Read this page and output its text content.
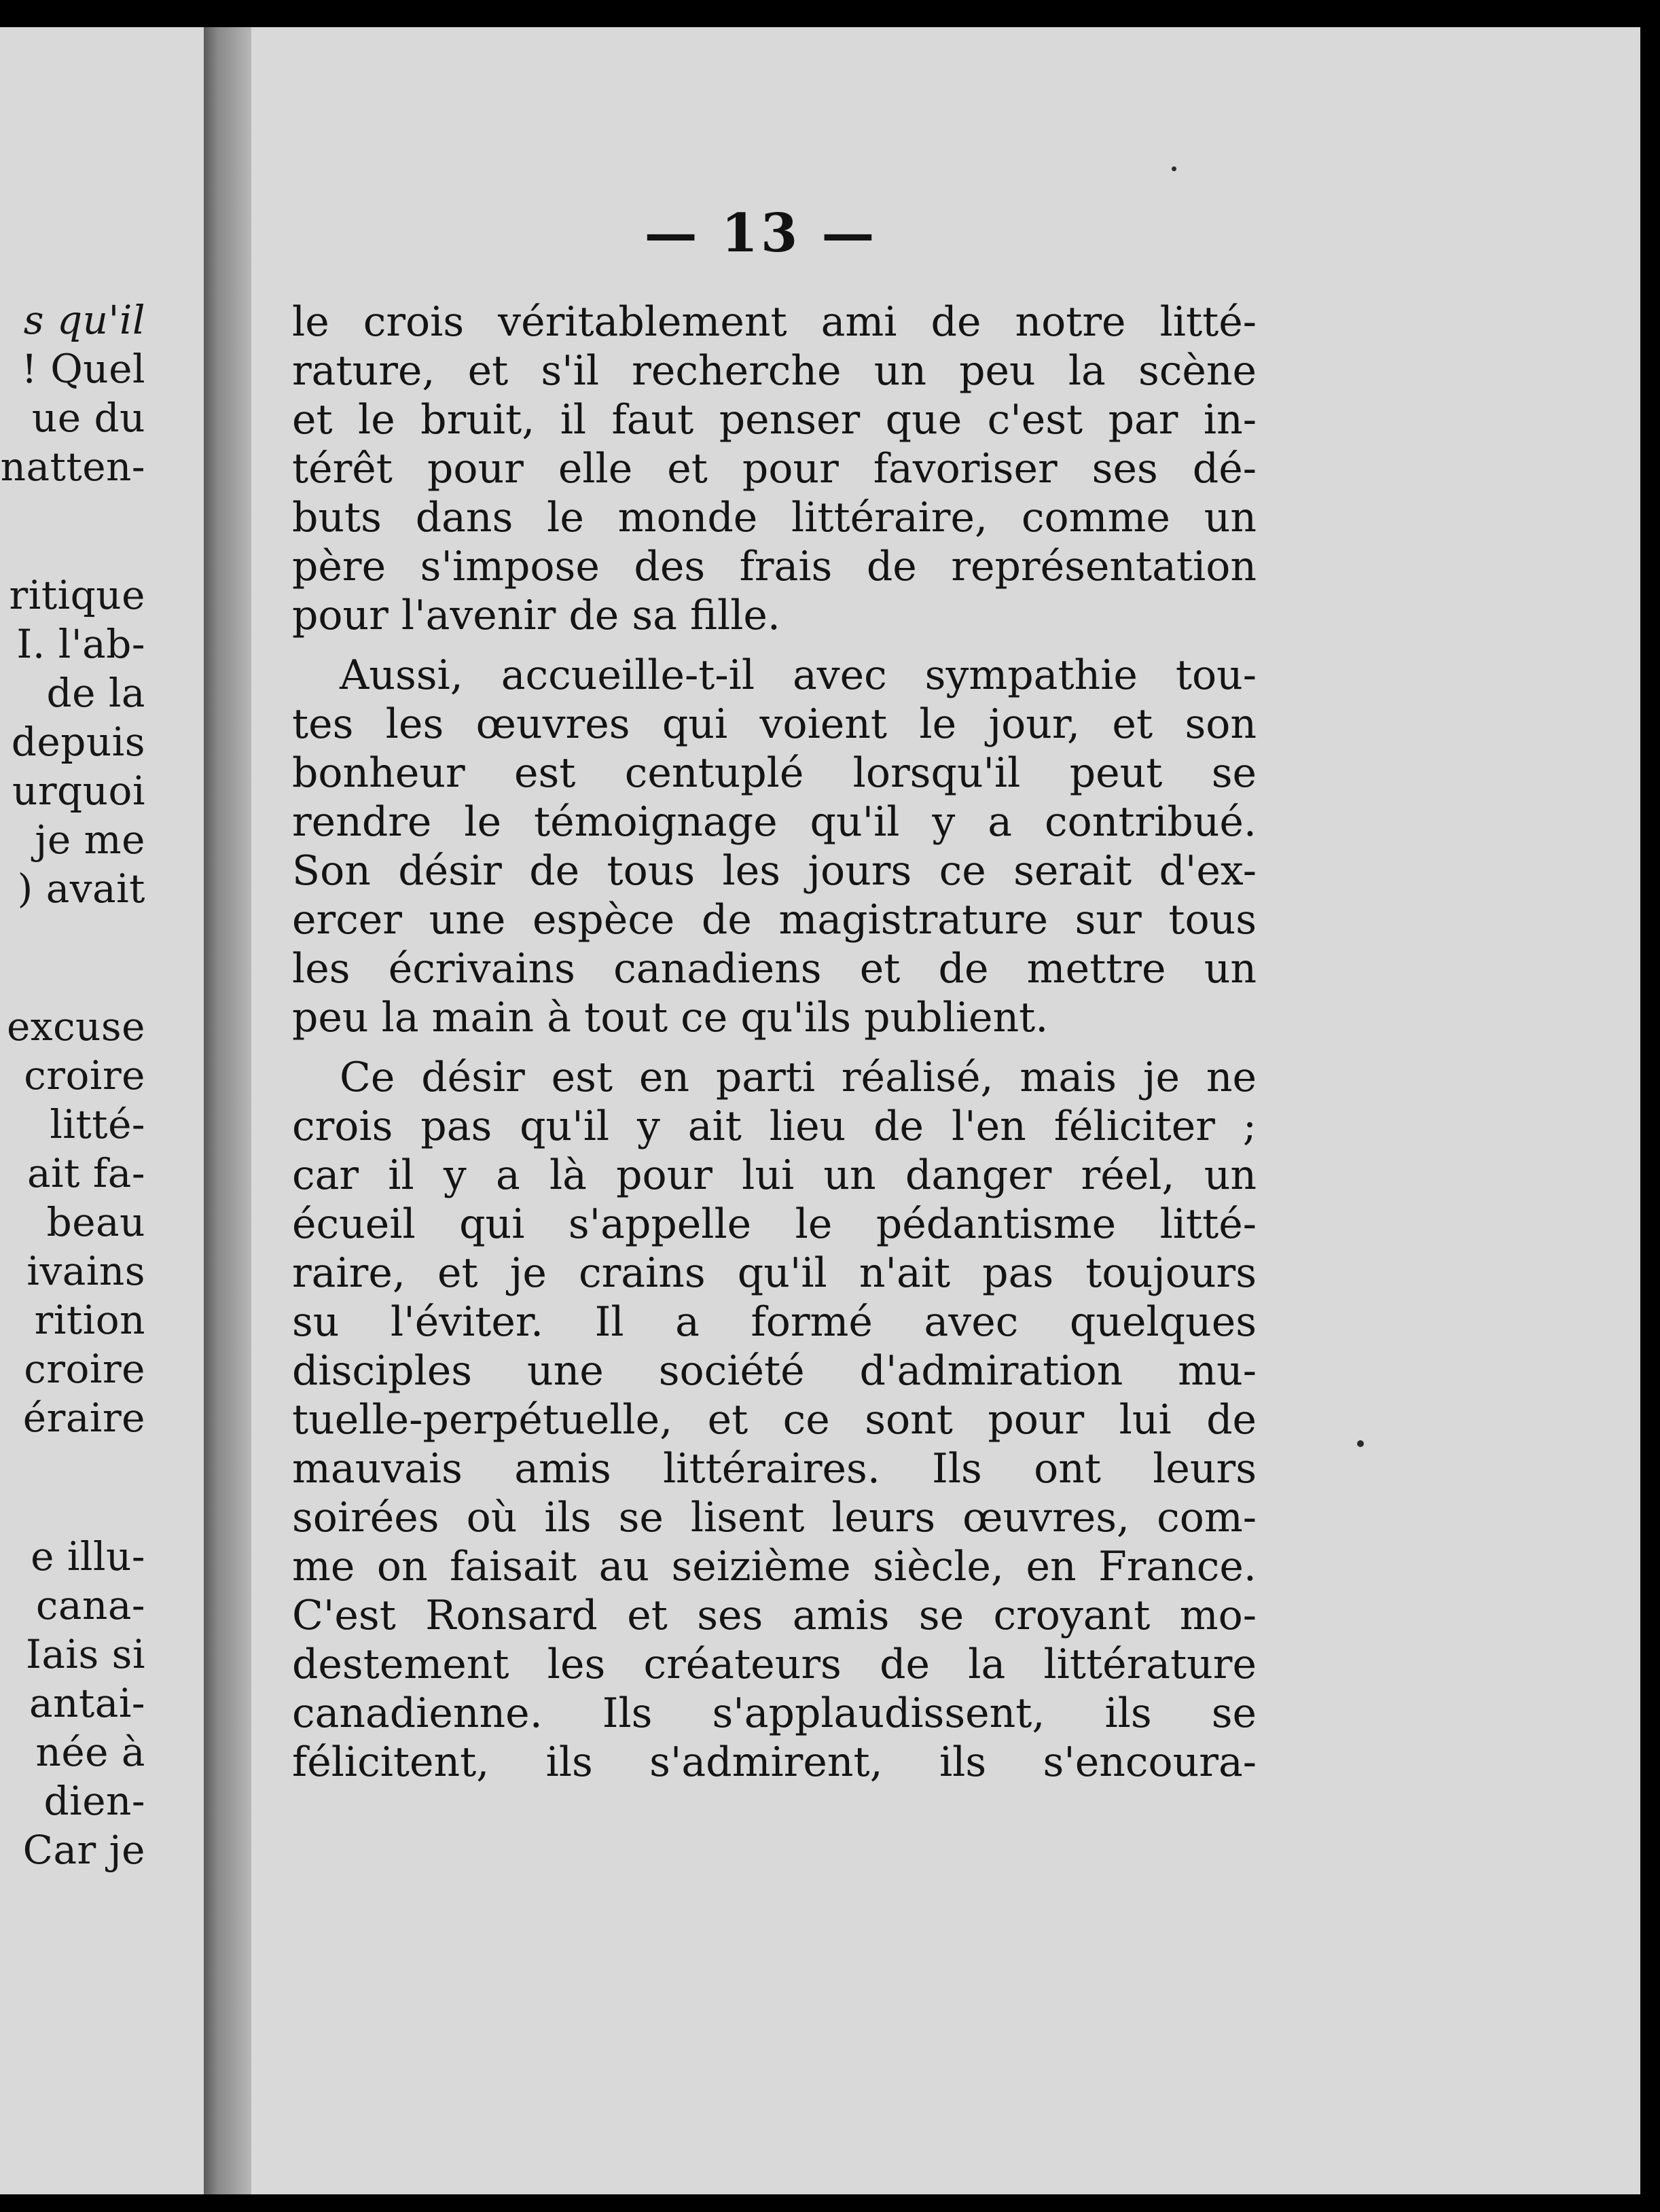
s qu'il
! Quel
ue du
natten-
ritique
I. l'ab-
de la
depuis
urquoi
je me
) avait
excuse
croire
litté-
ait fa-
beau
ivains
rition
croire
éraire
e illu-
cana-
Iais si
antai-
née à
dien-
Car je
— 13 —
le crois véritablement ami de notre litté-
rature, et s'il recherche un peu la scène
et le bruit, il faut penser que c'est par in-
térêt pour elle et pour favoriser ses dé-
buts dans le monde littéraire, comme un
père s'impose des frais de représentation
pour l'avenir de sa fille.
Aussi, accueille-t-il avec sympathie tou-
tes les œuvres qui voient le jour, et son
bonheur est centuplé lorsqu'il peut se
rendre le témoignage qu'il y a contribué.
Son désir de tous les jours ce serait d'ex-
ercer une espèce de magistrature sur tous
les écrivains canadiens et de mettre un
peu la main à tout ce qu'ils publient.
Ce désir est en parti réalisé, mais je ne
crois pas qu'il y ait lieu de l'en féliciter ;
car il y a là pour lui un danger réel, un
écueil qui s'appelle le pédantisme litté-
raire, et je crains qu'il n'ait pas toujours
su l'éviter. Il a formé avec quelques
disciples une société d'admiration mu-
tuelle-perpétuelle, et ce sont pour lui de
mauvais amis littéraires. Ils ont leurs
soirées où ils se lisent leurs œuvres, com-
me on faisait au seizième siècle, en France.
C'est Ronsard et ses amis se croyant mo-
destement les créateurs de la littérature
canadienne. Ils s'applaudissent, ils se
félicitent, ils s'admirent, ils s'encoura-
